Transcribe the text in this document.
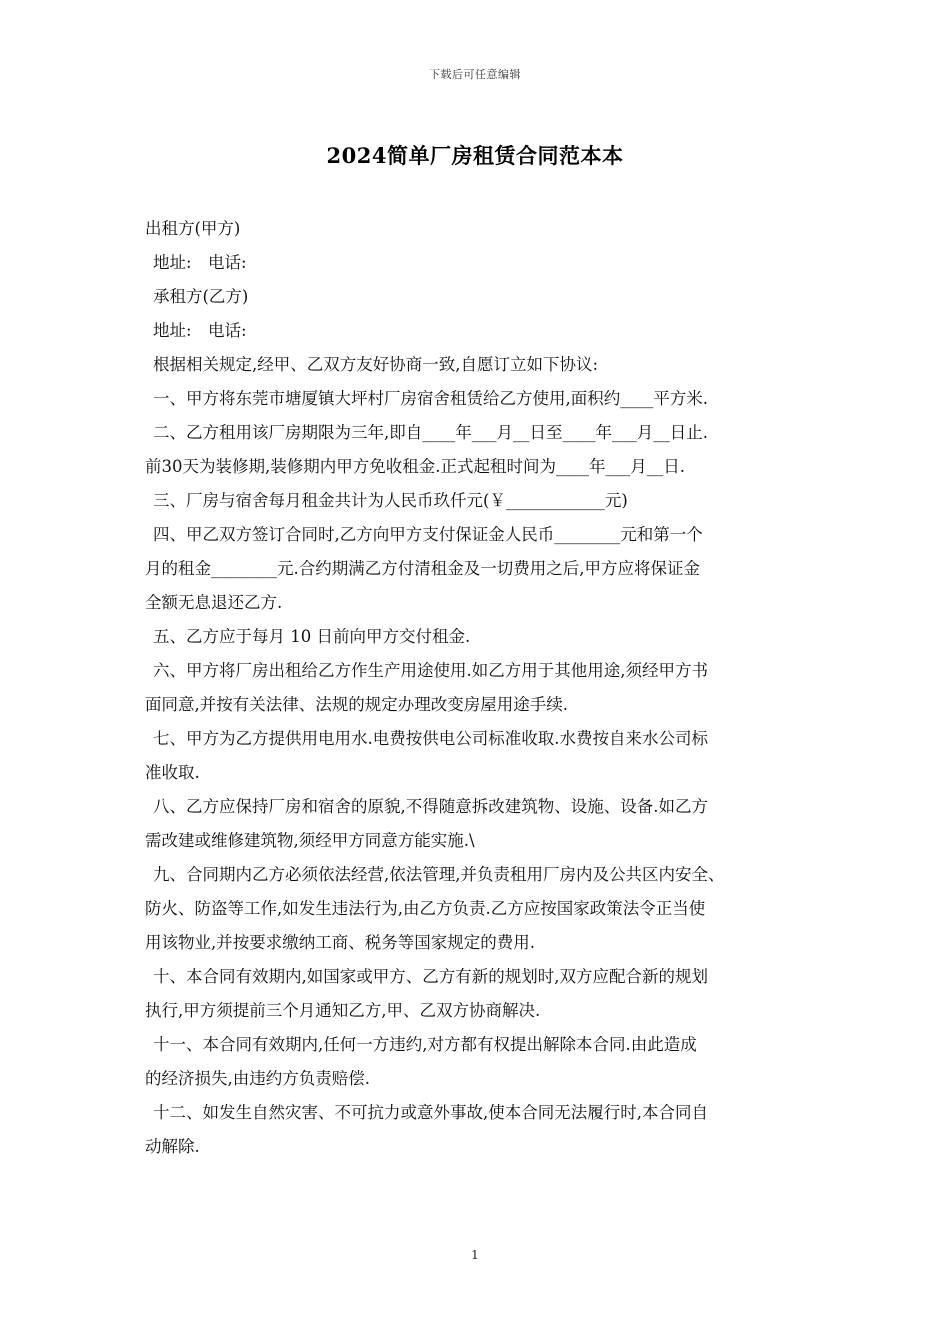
下载后可任意编辑
2024简单厂房租赁合同范本本
出租方(甲方)
地址:　电话:
承租方(乙方)
地址:　电话:
根据相关规定,经甲、乙双方友好协商一致,自愿订立如下协议:
一、甲方将东莞市塘厦镇大坪村厂房宿舍租赁给乙方使用,面积约____平方米.
二、乙方租用该厂房期限为三年,即自____年___月__日至____年___月__日止.
前30天为装修期,装修期内甲方免收租金.正式起租时间为____年___月__日.
三、厂房与宿舍每月租金共计为人民币玖仟元(￥____________元)
四、甲乙双方签订合同时,乙方向甲方支付保证金人民币________元和第一个
月的租金________元.合约期满乙方付清租金及一切费用之后,甲方应将保证金
全额无息退还乙方.
五、乙方应于每月 10 日前向甲方交付租金.
六、甲方将厂房出租给乙方作生产用途使用.如乙方用于其他用途,须经甲方书
面同意,并按有关法律、法规的规定办理改变房屋用途手续.
七、甲方为乙方提供用电用水.电费按供电公司标准收取.水费按自来水公司标
准收取.
八、乙方应保持厂房和宿舍的原貌,不得随意拆改建筑物、设施、设备.如乙方
需改建或维修建筑物,须经甲方同意方能实施.\
九、合同期内乙方必须依法经营,依法管理,并负责租用厂房内及公共区内安全、
防火、防盗等工作,如发生违法行为,由乙方负责.乙方应按国家政策法令正当使
用该物业,并按要求缴纳工商、税务等国家规定的费用.
十、本合同有效期内,如国家或甲方、乙方有新的规划时,双方应配合新的规划
执行,甲方须提前三个月通知乙方,甲、乙双方协商解决.
十一、本合同有效期内,任何一方违约,对方都有权提出解除本合同.由此造成
的经济损失,由违约方负责赔偿.
十二、如发生自然灾害、不可抗力或意外事故,使本合同无法履行时,本合同自
动解除.
1
